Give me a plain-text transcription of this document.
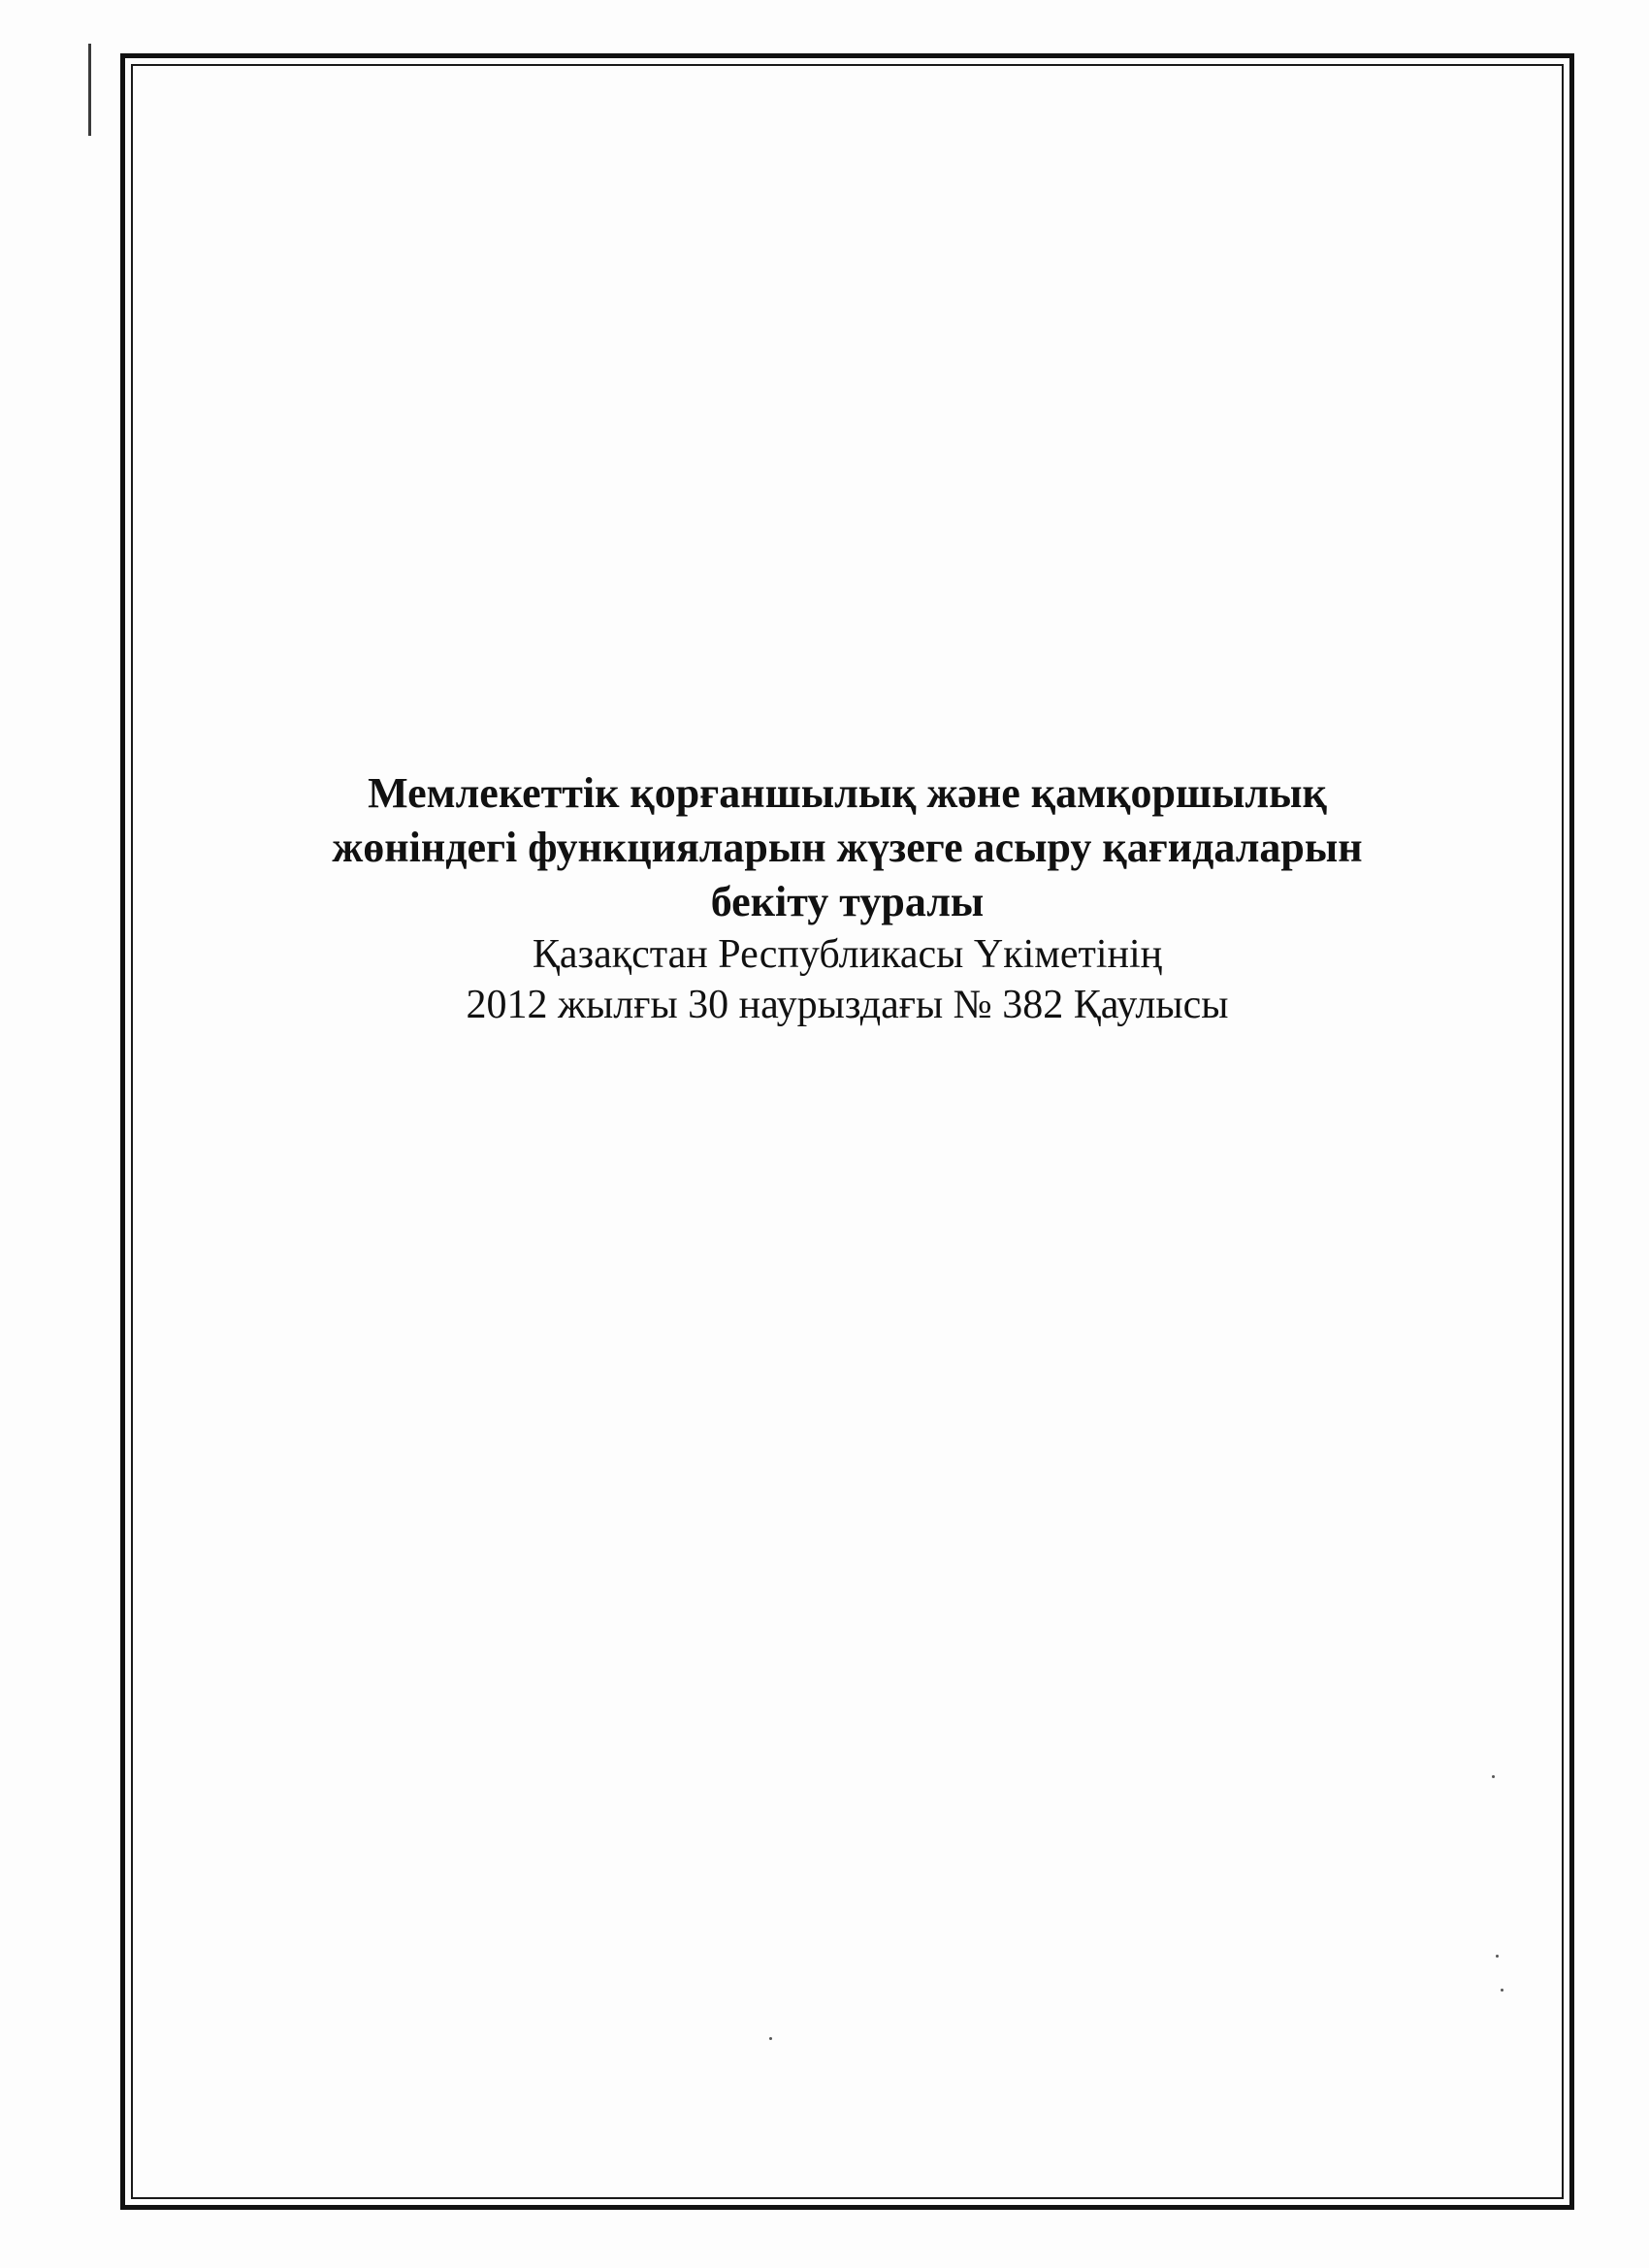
Мемлекеттік қорғаншылық және қамқоршылық

жөніндегі функцияларын жүзеге асыру қағидаларын

бекіту туралы

Қазақстан Республикасы Үкіметінің

2012 жылғы 30 наурыздағы № 382 Қаулысы
